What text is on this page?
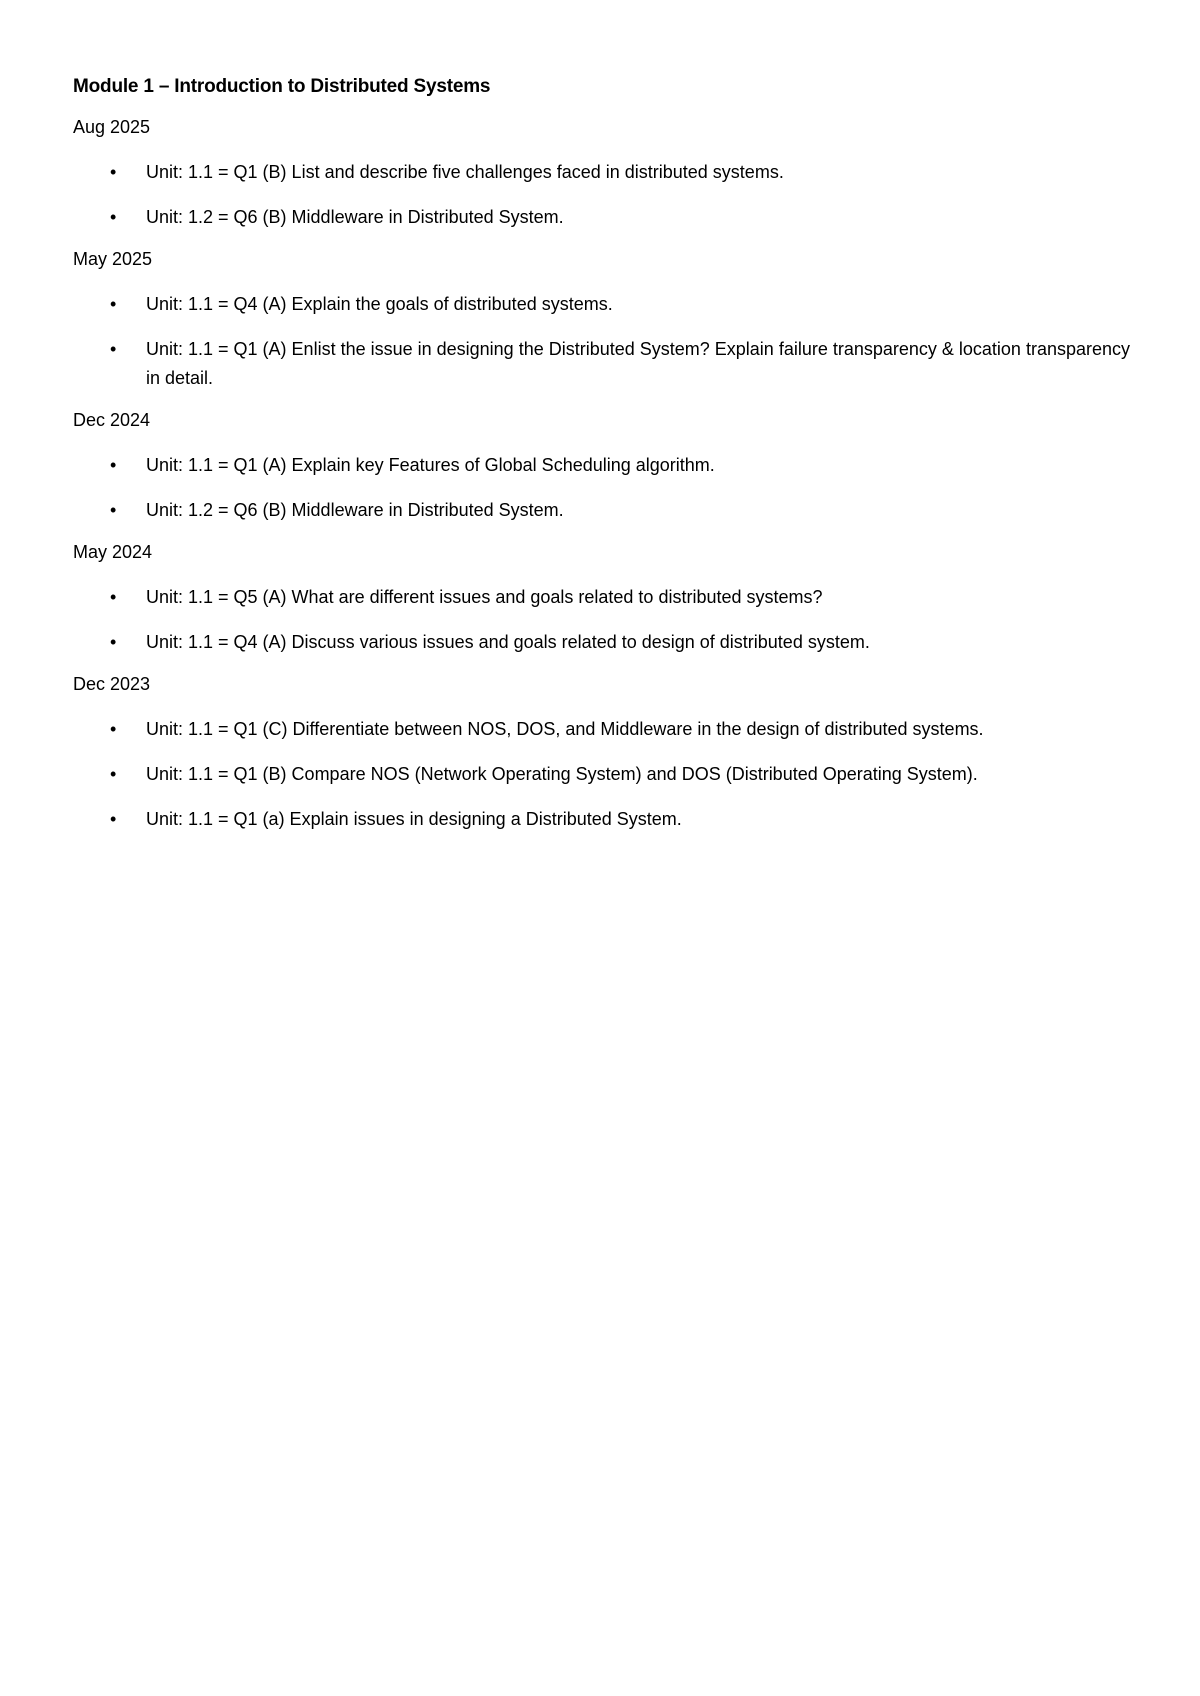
Module 1 – Introduction to Distributed Systems
Aug 2025
• Unit: 1.1 = Q1 (B) List and describe five challenges faced in distributed systems.
• Unit: 1.2 = Q6 (B) Middleware in Distributed System.
May 2025
• Unit: 1.1 = Q4 (A) Explain the goals of distributed systems.
• Unit: 1.1 = Q1 (A) Enlist the issue in designing the Distributed System? Explain failure transparency & location transparency in detail.
Dec 2024
• Unit: 1.1 = Q1 (A) Explain key Features of Global Scheduling algorithm.
• Unit: 1.2 = Q6 (B) Middleware in Distributed System.
May 2024
• Unit: 1.1 = Q5 (A) What are different issues and goals related to distributed systems?
• Unit: 1.1 = Q4 (A) Discuss various issues and goals related to design of distributed system.
Dec 2023
• Unit: 1.1 = Q1 (C) Differentiate between NOS, DOS, and Middleware in the design of distributed systems.
• Unit: 1.1 = Q1 (B) Compare NOS (Network Operating System) and DOS (Distributed Operating System).
• Unit: 1.1 = Q1 (a) Explain issues in designing a Distributed System.
